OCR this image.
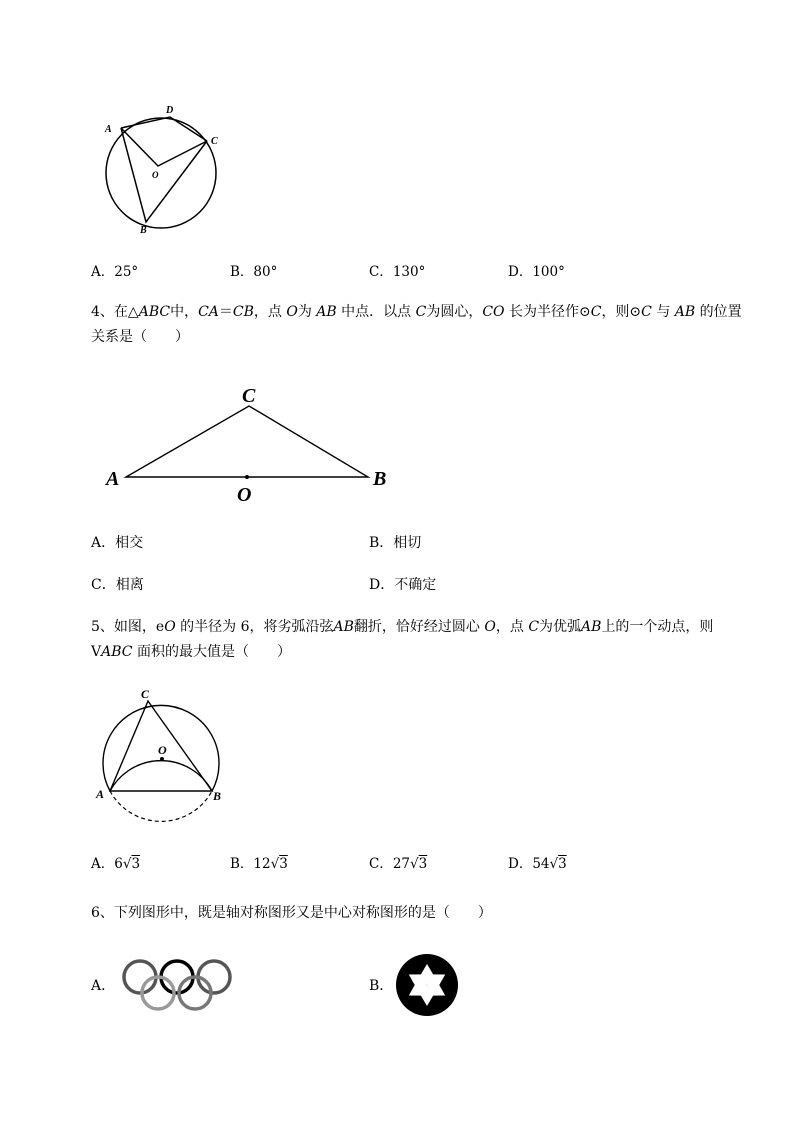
A
D
C
B
O
A．25°	B．80°	C．130°	D．100°
4、在△ABC中，CA＝CB，点 O为 AB 中点．以点 C为圆心，CO 长为半径作⊙C，则⊙C 与 AB 的位置
关系是（　　）
C
A	B
O
A．相交	B．相切
C．相离	D．不确定
5、如图，eO 的半径为 6，将劣弧沿弦AB翻折，恰好经过圆心 O，点 C为优弧AB上的一个动点，则
VABC 面积的最大值是（　　）
C
O
A	B
A．6√3	B．12√3	C．27√3	D．54√3
6、下列图形中，既是轴对称图形又是中心对称图形的是（　　）
A．	B．
